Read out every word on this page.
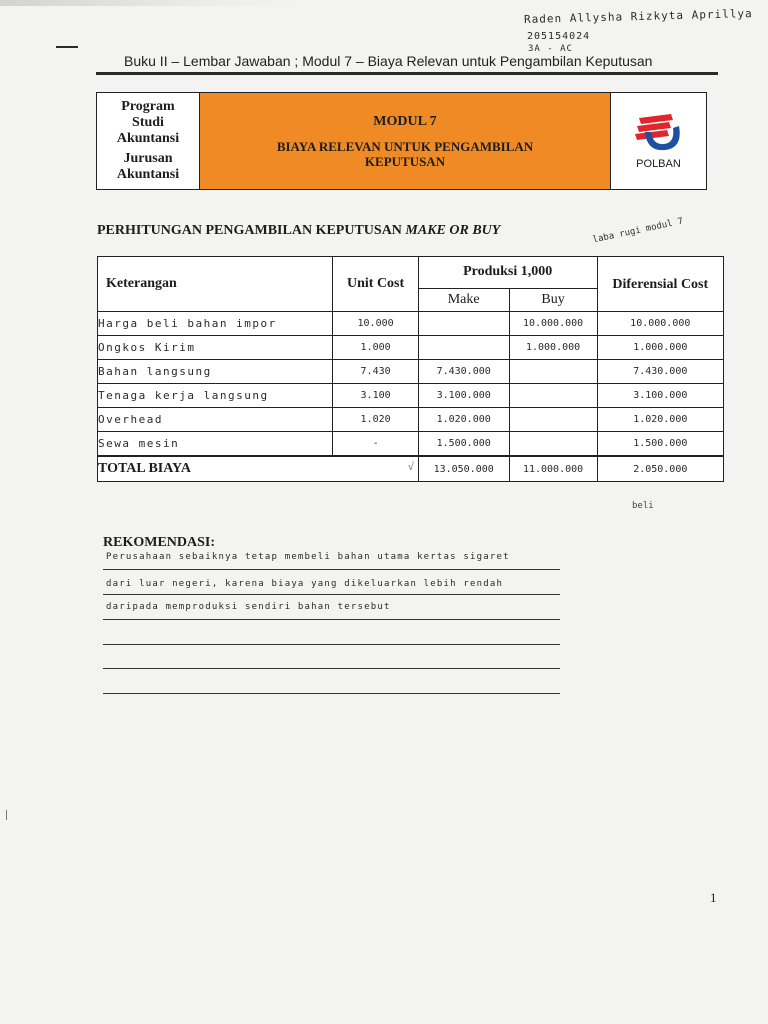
Raden Allysha Rizkyta Aprillya
205154024
3A - AC
Buku II – Lembar Jawaban ; Modul 7 – Biaya Relevan untuk Pengambilan Keputusan
Program
Studi
Akuntansi
Jurusan
Akuntansi
MODUL 7
BIAYA RELEVAN UNTUK PENGAMBILAN KEPUTUSAN	POLBAN
PERHITUNGAN PENGAMBILAN KEPUTUSAN MAKE OR BUY	laba rugi modul 7
Keterangan	Unit Cost	Produksi 1,000		Diferensial Cost
		Make	Buy	
Harga beli bahan impor	10.000		10.000.000	10.000.000
Ongkos Kirim	1.000		1.000.000	1.000.000
Bahan langsung	7.430	7.430.000		7.430.000
Tenaga kerja langsung	3.100	3.100.000		3.100.000
Overhead	1.020	1.020.000		1.020.000
Sewa mesin	-	1.500.000		1.500.000
TOTAL BIAYA √		13.050.000	11.000.000	2.050.000
beli
REKOMENDASI:
Perusahaan sebaiknya tetap membeli bahan utama kertas sigaret
dari luar negeri, karena biaya yang dikeluarkan lebih rendah
daripada memproduksi sendiri bahan tersebut
1
